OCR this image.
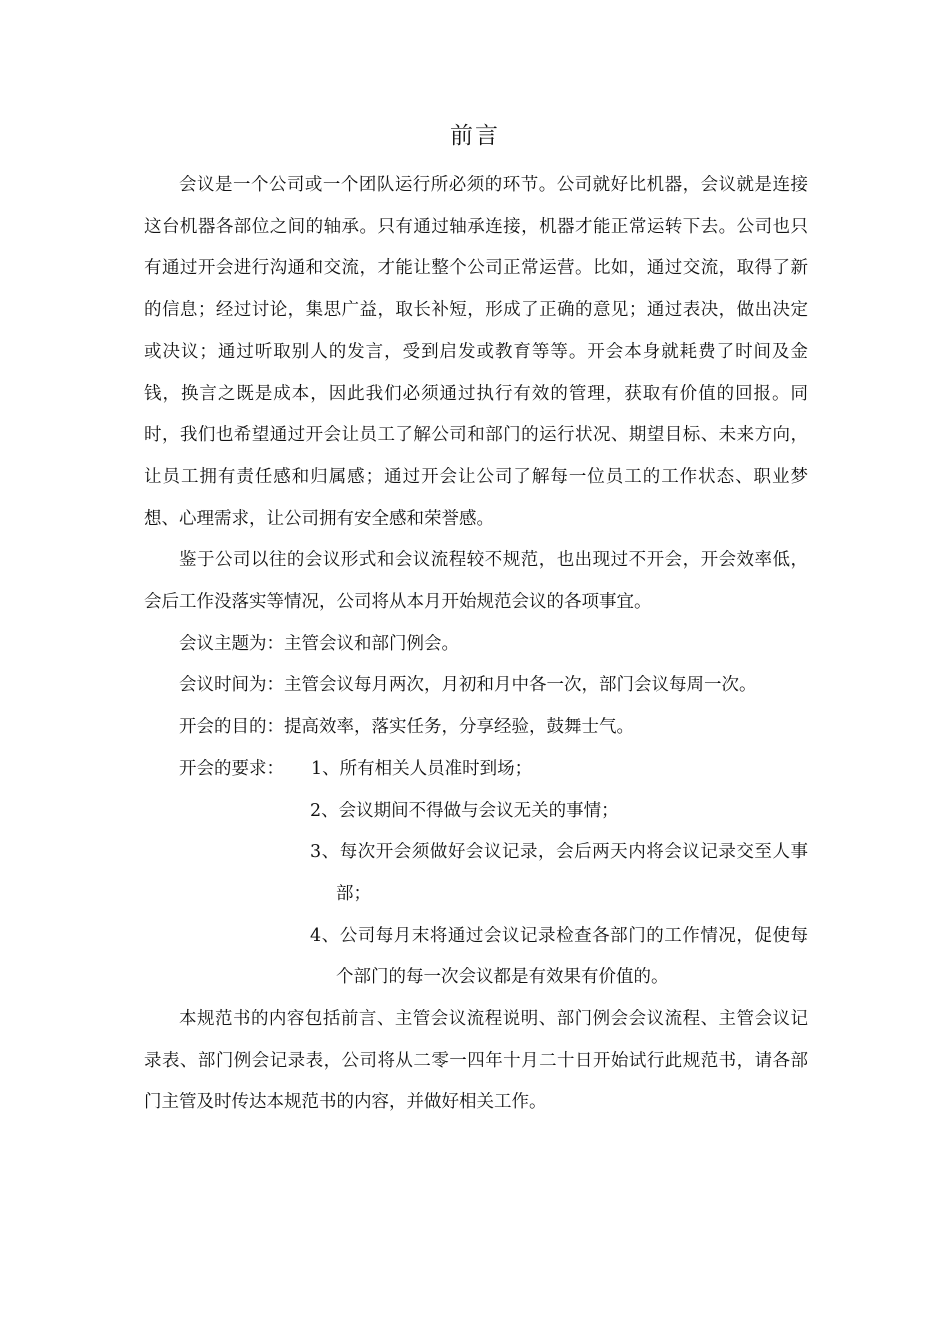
前言

会议是一个公司或一个团队运行所必须的环节。公司就好比机器，会议就是连接这台机器各部位之间的轴承。只有通过轴承连接，机器才能正常运转下去。公司也只有通过开会进行沟通和交流，才能让整个公司正常运营。比如，通过交流，取得了新的信息；经过讨论，集思广益，取长补短，形成了正确的意见；通过表决，做出决定或决议；通过听取别人的发言，受到启发或教育等等。开会本身就耗费了时间及金钱，换言之既是成本，因此我们必须通过执行有效的管理，获取有价值的回报。同时，我们也希望通过开会让员工了解公司和部门的运行状况、期望目标、未来方向，让员工拥有责任感和归属感；通过开会让公司了解每一位员工的工作状态、职业梦想、心理需求，让公司拥有安全感和荣誉感。

鉴于公司以往的会议形式和会议流程较不规范，也出现过不开会，开会效率低，会后工作没落实等情况，公司将从本月开始规范会议的各项事宜。

会议主题为：主管会议和部门例会。

会议时间为：主管会议每月两次，月初和月中各一次，部门会议每周一次。

开会的目的：提高效率，落实任务，分享经验，鼓舞士气。

开会的要求：	1、所有相关人员准时到场；
2、会议期间不得做与会议无关的事情；
3、每次开会须做好会议记录，会后两天内将会议记录交至人事部；
4、公司每月末将通过会议记录检查各部门的工作情况，促使每个部门的每一次会议都是有效果有价值的。

本规范书的内容包括前言、主管会议流程说明、部门例会会议流程、主管会议记录表、部门例会记录表，公司将从二零一四年十月二十日开始试行此规范书，请各部门主管及时传达本规范书的内容，并做好相关工作。
